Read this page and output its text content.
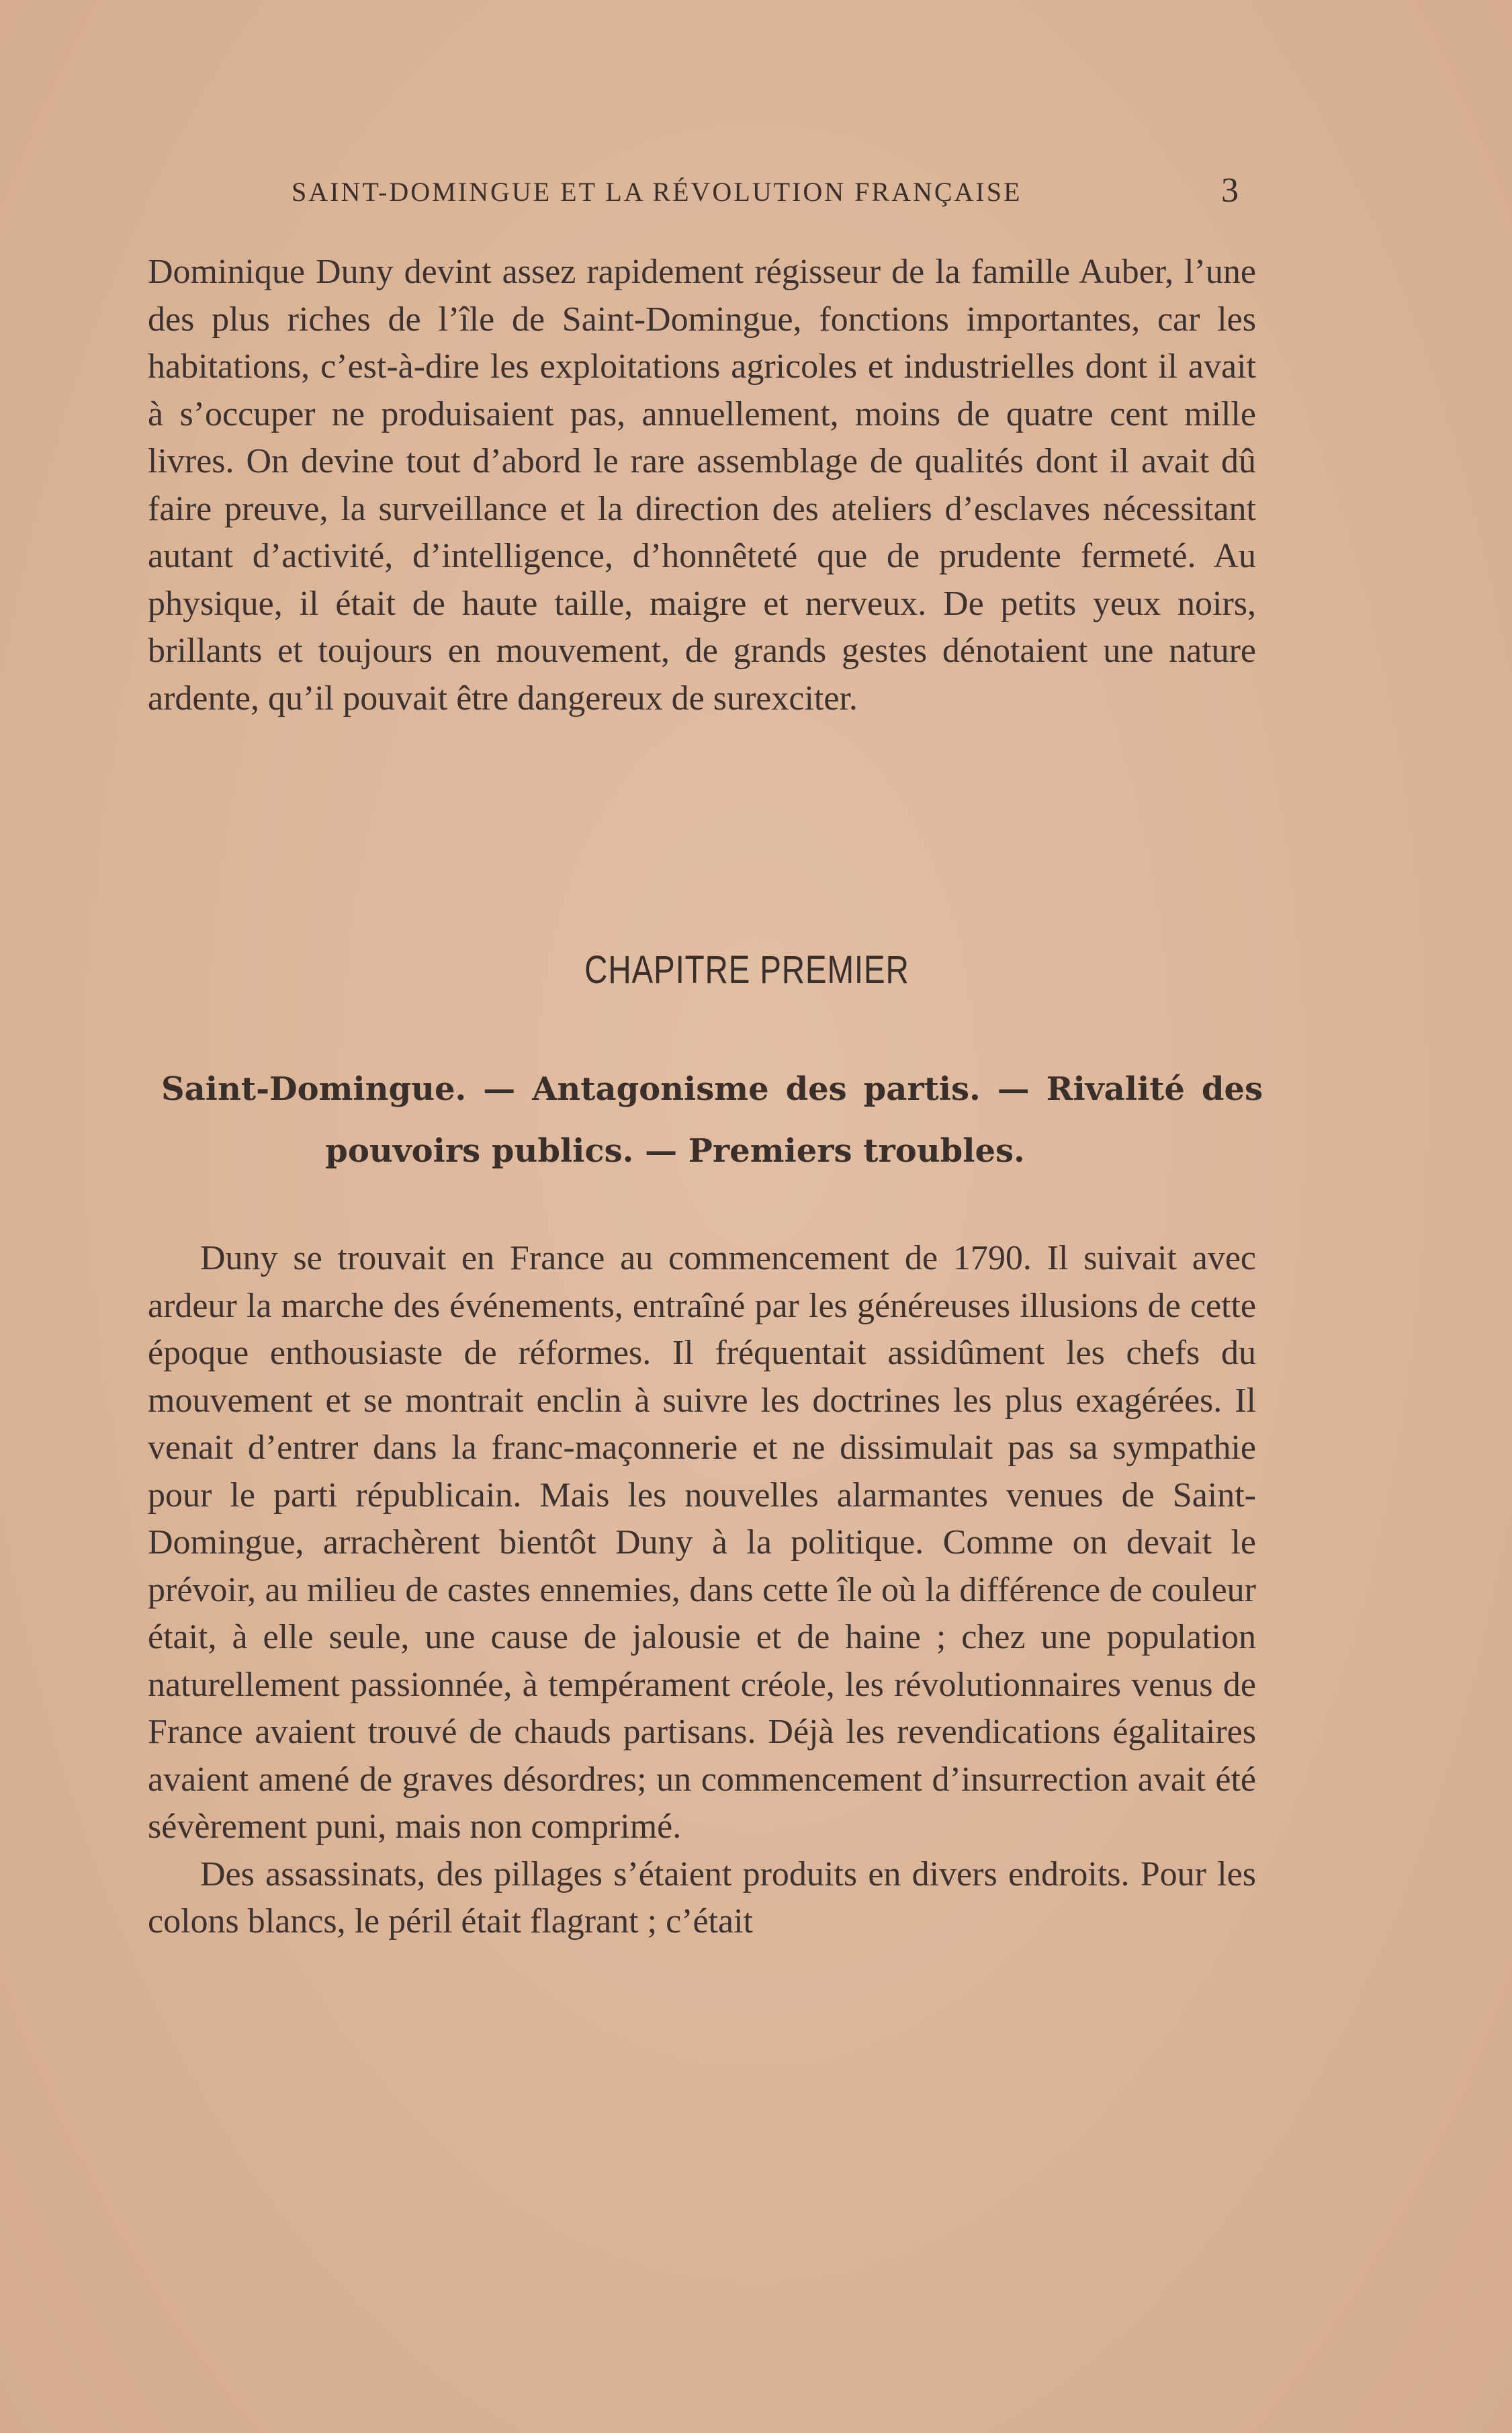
SAINT-DOMINGUE ET LA RÉVOLUTION FRANÇAISE	3

Dominique Duny devint assez rapidement régisseur de la famille Auber, l’une des plus riches de l’île de Saint-Domingue, fonctions importantes, car les habitations, c’est-à-dire les exploitations agricoles et industrielles dont il avait à s’occuper ne produisaient pas, annuellement, moins de quatre cent mille livres. On devine tout d’abord le rare assemblage de qualités dont il avait dû faire preuve, la surveillance et la direction des ateliers d’esclaves nécessitant autant d’activité, d’intelligence, d’honnêteté que de prudente fermeté. Au physique, il était de haute taille, maigre et nerveux. De petits yeux noirs, brillants et toujours en mouvement, de grands gestes dénotaient une nature ardente, qu’il pouvait être dangereux de surexciter.

CHAPITRE PREMIER
Saint-Domingue. — Antagonisme des partis. — Rivalité des
pouvoirs publics. — Premiers troubles.

Duny se trouvait en France au commencement de 1790. Il suivait avec ardeur la marche des événements, entraîné par les généreuses illusions de cette époque enthousiaste de réformes. Il fréquentait assidûment les chefs du mouvement et se montrait enclin à suivre les doctrines les plus exagérées. Il venait d’entrer dans la franc-maçonnerie et ne dissimulait pas sa sympathie pour le parti républicain. Mais les nouvelles alarmantes venues de Saint-Domingue, arrachèrent bientôt Duny à la politique. Comme on devait le prévoir, au milieu de castes ennemies, dans cette île où la différence de couleur était, à elle seule, une cause de jalousie et de haine ; chez une population naturellement passionnée, à tempérament créole, les révolutionnaires venus de France avaient trouvé de chauds partisans. Déjà les revendications égalitaires avaient amené de graves désordres; un commencement d’insurrection avait été sévèrement puni, mais non comprimé.

Des assassinats, des pillages s’étaient produits en divers endroits. Pour les colons blancs, le péril était flagrant ; c’était
